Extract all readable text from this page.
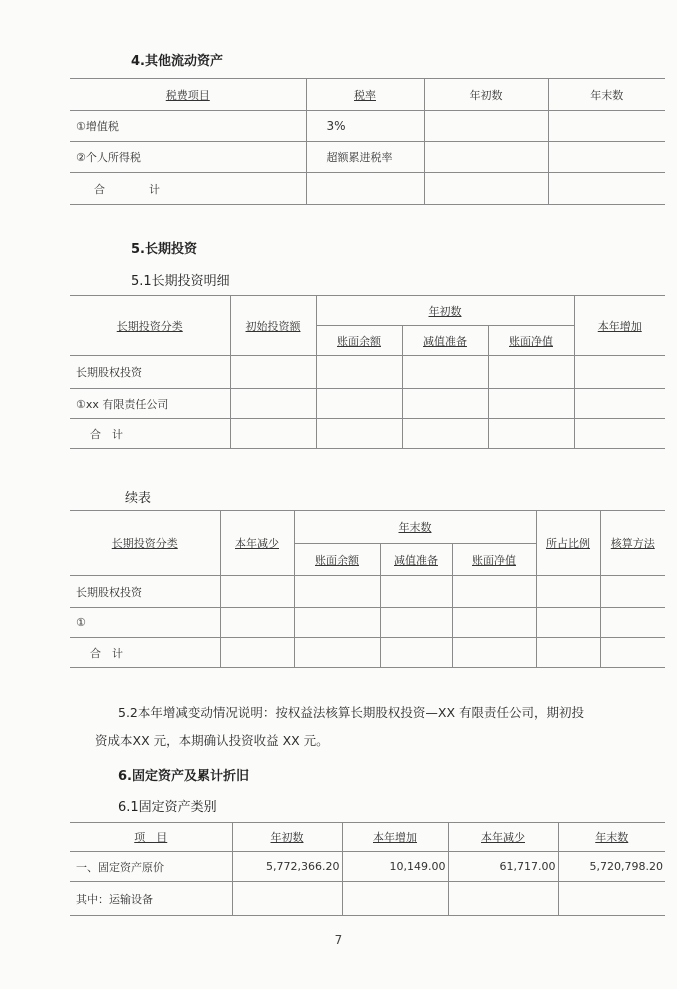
4.其他流动资产
税费项目	税率	年初数	年末数
①增值税	3%		
②个人所得税	超额累进税率		
合　　　　计			
5.长期投资
5.1长期投资明细
长期投资分类	初始投资额	年初数			本年增加
		账面余额	减值准备	账面净值	
长期股权投资					
①xx 有限责任公司					
合　计					
续表
长期投资分类	本年减少	年末数			所占比例	核算方法
		账面余额	减值准备	账面净值		
长期股权投资						
①						
合　计						
5.2本年增减变动情况说明：按权益法核算长期股权投资—XX 有限责任公司，期初投
资成本XX 元，本期确认投资收益 XX 元。
6.固定资产及累计折旧
6.1固定资产类别
项　目	年初数	本年增加	本年减少	年末数
一、固定资产原价	5,772,366.20	10,149.00	61,717.00	5,720,798.20
其中：运输设备				
7
